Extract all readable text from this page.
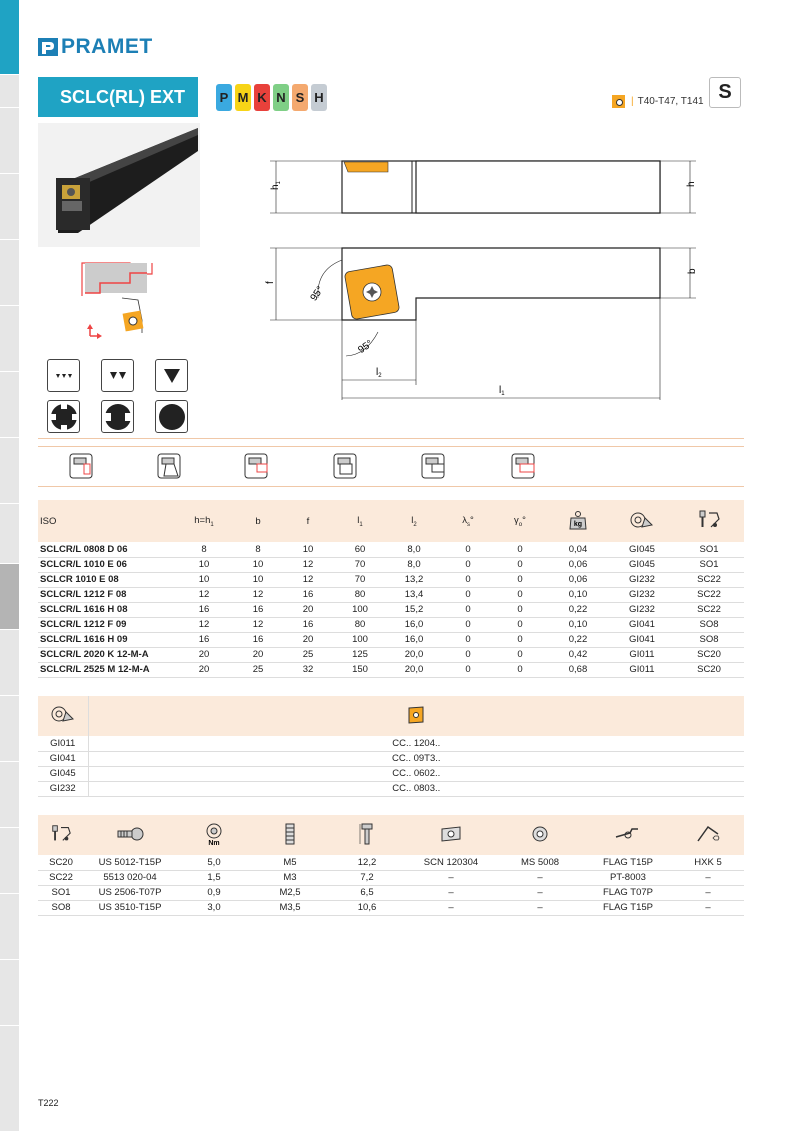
PRAMET
SCLC(RL) EXT	P M K N S H	| T40-T47, T141 S
$h_1$	h
f
b
95°
95°
$l_2$
$l_1$
ISO	$h=h_1$	b	f	$l_1$	$l_2$	$\lambda_s^\circ$	$\gamma_o^\circ$	kg

SCLCR/L 0808 D 06	8	8	10	60	8,0	0	0	0,04	GI045	SO1
SCLCR/L 1010 E 06	10	10	12	70	8,0	0	0	0,06	GI045	SO1
SCLCR 1010 E 08	10	10	12	70	13,2	0	0	0,06	GI232	SC22
SCLCR/L 1212 F 08	12	12	16	80	13,4	0	0	0,10	GI232	SC22
SCLCR/L 1616 H 08	16	16	20	100	15,2	0	0	0,22	GI232	SC22
SCLCR/L 1212 F 09	12	12	16	80	16,0	0	0	0,10	GI041	SO8
SCLCR/L 1616 H 09	16	16	20	100	16,0	0	0	0,22	GI041	SO8
SCLCR/L 2020 K 12-M-A	20	20	25	125	20,0	0	0	0,42	GI011	SC20
SCLCR/L 2525 M 12-M-A	20	25	32	150	20,0	0	0	0,68	GI011	SC20

GI011	CC.. 1204..
GI041	CC.. 09T3..
GI045	CC.. 0602..
GI232	CC.. 0803..

Nm

SC20	US 5012-T15P	5,0	M5	12,2	SCN 120304	MS 5008	FLAG T15P	HXK 5
SC22	5513 020-04	1,5	M3	7,2	–	–	PT-8003	–
SO1	US 2506-T07P	0,9	M2,5	6,5	–	–	FLAG T07P	–
SO8	US 3510-T15P	3,0	M3,5	10,6	–	–	FLAG T15P	–
T222
